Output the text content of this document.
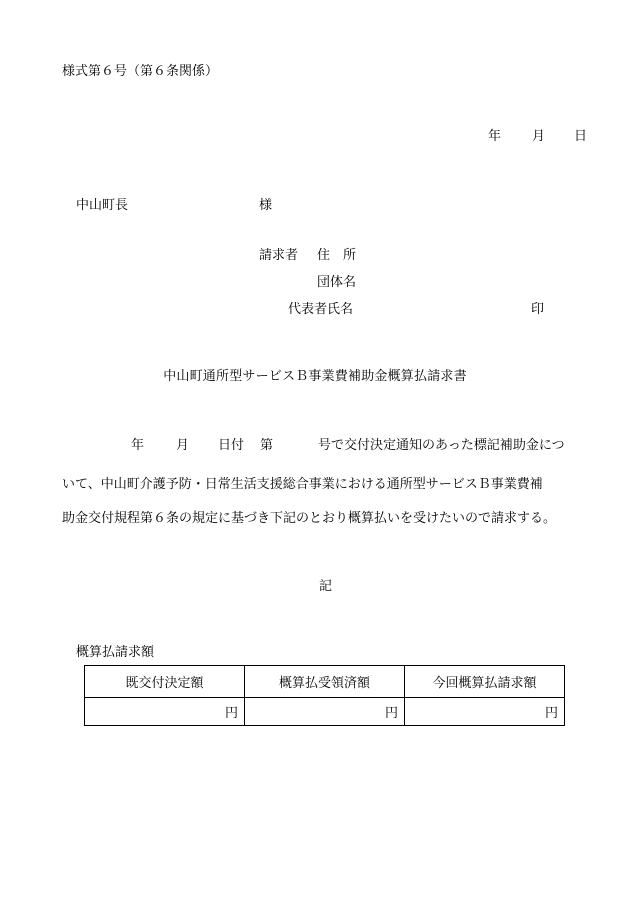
様式第６号（第６条関係）
年 月 日
中山町長	様
請求者 住　所
団体名
代表者氏名	印
中山町通所型サービスＢ事業費補助金概算払請求書
年 月 日付 第	号で交付決定通知のあった標記補助金につ
いて、中山町介護予防・日常生活支援総合事業における通所型サービスＢ事業費補
助金交付規程第６条の規定に基づき下記のとおり概算払いを受けたいので請求する。
記
概算払請求額
既交付決定額	概算払受領済額	今回概算払請求額
円	円	円
